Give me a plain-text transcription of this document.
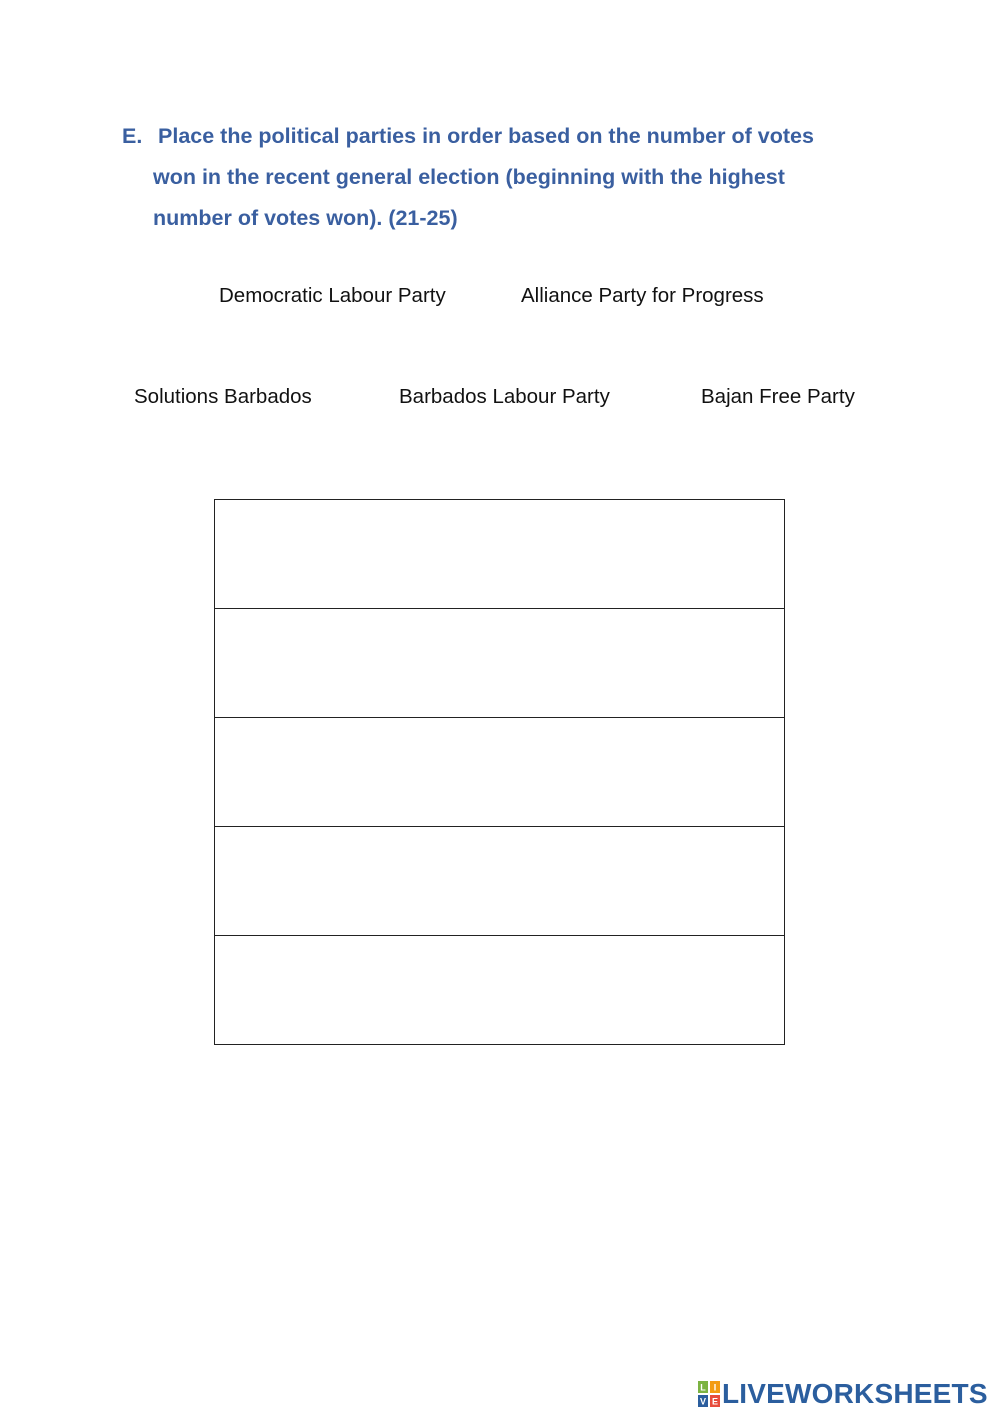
E. Place the political parties in order based on the number of votes
won in the recent general election (beginning with the highest
number of votes won). (21-25)
Democratic Labour Party	Alliance Party for Progress
Solutions Barbados	Barbados Labour Party	Bajan Free Party

L I
V E LIVEWORKSHEETS
